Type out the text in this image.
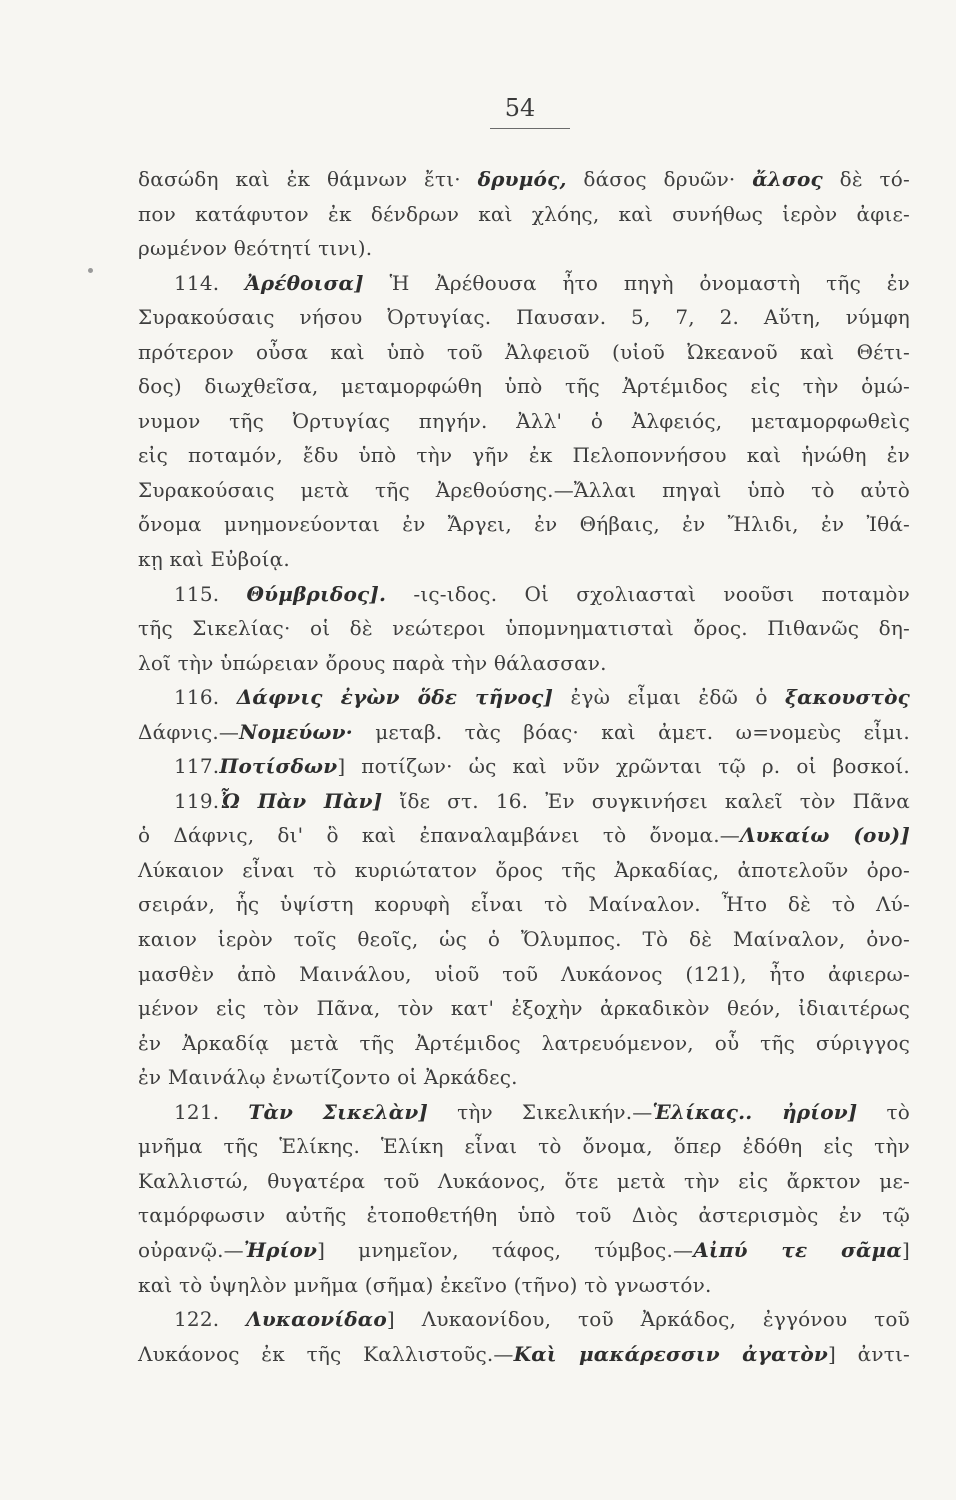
54
δασώδη καὶ ἐκ θάμνων ἔτι· δρυμός, δάσος δρυῶν· ἄλσος δὲ τό-
πον κατάφυτον ἐκ δένδρων καὶ χλόης, καὶ συνήθως ἱερὸν ἀφιε-
ρωμένον θεότητί τινι).
114. Ἀρέθοισα] Ἡ Ἀρέθουσα ἦτο πηγὴ ὀνομαστὴ τῆς ἐν
Συρακούσαις νήσου Ὀρτυγίας. Παυσαν. 5, 7, 2. Αὕτη, νύμφη
πρότερον οὖσα καὶ ὑπὸ τοῦ Ἀλφειοῦ (υἱοῦ Ὠκεανοῦ καὶ Θέτι-
δος) διωχθεῖσα, μεταμορφώθη ὑπὸ τῆς Ἀρτέμιδος εἰς τὴν ὁμώ-
νυμον τῆς Ὀρτυγίας πηγήν. Ἀλλ' ὁ Ἀλφειός, μεταμορφωθεὶς
εἰς ποταμόν, ἔδυ ὑπὸ τὴν γῆν ἐκ Πελοποννήσου καὶ ἡνώθη ἐν
Συρακούσαις μετὰ τῆς Ἀρεθούσης.—Ἄλλαι πηγαὶ ὑπὸ τὸ αὐτὸ
ὄνομα μνημονεύονται ἐν Ἄργει, ἐν Θήβαις, ἐν Ἤλιδι, ἐν Ἰθά-
κῃ καὶ Εὐβοίᾳ.
115. Θύμβριδος]. -ις-ιδος. Οἱ σχολιασταὶ νοοῦσι ποταμὸν
τῆς Σικελίας· οἱ δὲ νεώτεροι ὑπομνηματισταὶ ὄρος. Πιθανῶς δη-
λοῖ τὴν ὑπώρειαν ὄρους παρὰ τὴν θάλασσαν.
116. Δάφνις ἐγὼν ὅδε τῆνος] ἐγὼ εἶμαι ἐδῶ ὁ ξακουστὸς
Δάφνις.—Νομεύων· μεταβ. τὰς βόας· καὶ ἀμετ. ω=νομεὺς εἶμι.
117.Ποτίσδων] ποτίζων· ὡς καὶ νῦν χρῶνται τῷ ρ. οἱ βοσκοί.
119.Ὦ Πὰν Πὰν] ἴδε στ. 16. Ἐν συγκινήσει καλεῖ τὸν Πᾶνα
ὁ Δάφνις, δι' ὃ καὶ ἐπαναλαμβάνει τὸ ὄνομα.—Λυκαίω (ου)]
Λύκαιον εἶναι τὸ κυριώτατον ὄρος τῆς Ἀρκαδίας, ἀποτελοῦν ὀρο-
σειράν, ἧς ὑψίστη κορυφὴ εἶναι τὸ Μαίναλον. Ἦτο δὲ τὸ Λύ-
καιον ἱερὸν τοῖς θεοῖς, ὡς ὁ Ὄλυμπος. Τὸ δὲ Μαίναλον, ὀνο-
μασθὲν ἀπὸ Μαινάλου, υἱοῦ τοῦ Λυκάονος (121), ἦτο ἀφιερω-
μένον εἰς τὸν Πᾶνα, τὸν κατ' ἐξοχὴν ἀρκαδικὸν θεόν, ἰδιαιτέρως
ἐν Ἀρκαδίᾳ μετὰ τῆς Ἀρτέμιδος λατρευόμενον, οὗ τῆς σύριγγος
ἐν Μαινάλῳ ἐνωτίζοντο οἱ Ἀρκάδες.
121. Τὰν Σικελὰν] τὴν Σικελικήν.—Ἑλίκας.. ἠρίον] τὸ
μνῆμα τῆς Ἑλίκης. Ἑλίκη εἶναι τὸ ὄνομα, ὅπερ ἐδόθη εἰς τὴν
Καλλιστώ, θυγατέρα τοῦ Λυκάονος, ὅτε μετὰ τὴν εἰς ἄρκτον με-
ταμόρφωσιν αὐτῆς ἐτοποθετήθη ὑπὸ τοῦ Διὸς ἀστερισμὸς ἐν τῷ
οὐρανῷ.—Ἠρίον] μνημεῖον, τάφος, τύμβος.—Αἰπύ τε σᾶμα]
καὶ τὸ ὑψηλὸν μνῆμα (σῆμα) ἐκεῖνο (τῆνο) τὸ γνωστόν.
122. Λυκαονίδαο] Λυκαονίδου, τοῦ Ἀρκάδος, ἐγγόνου τοῦ
Λυκάονος ἐκ τῆς Καλλιστοῦς.—Καὶ μακάρεσσιν ἀγατὸν] ἀντι-
